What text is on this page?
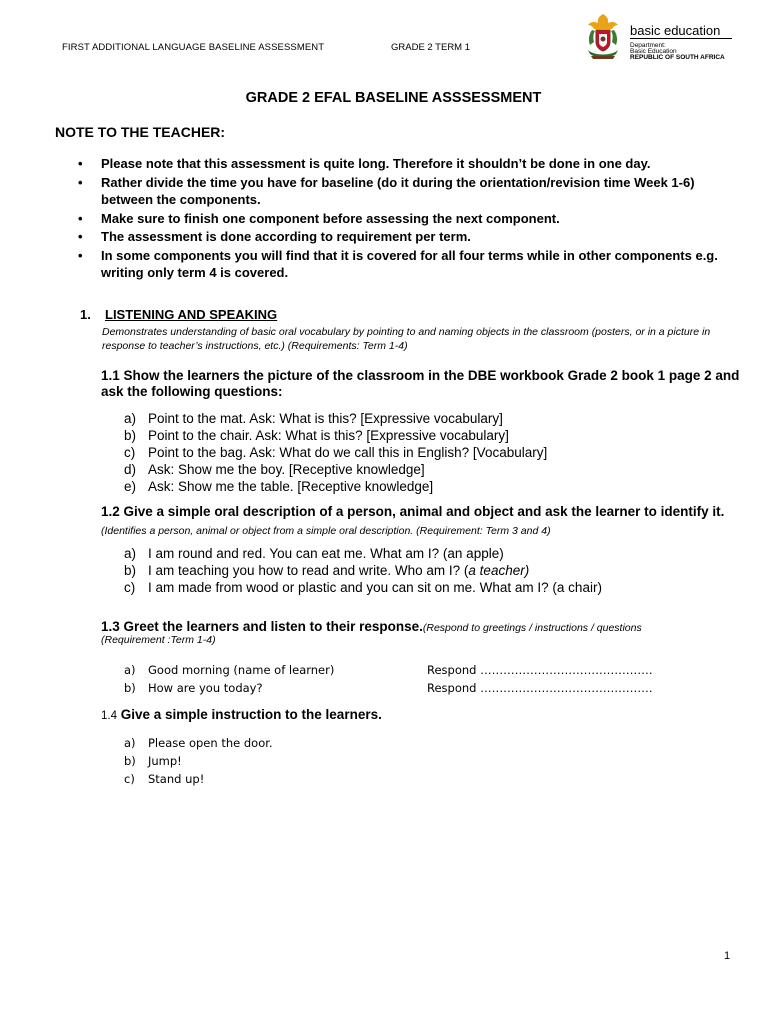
FIRST ADDITIONAL LANGUAGE BASELINE ASSESSMENT	GRADE 2 TERM 1
basic education
Department:
Basic Education
REPUBLIC OF SOUTH AFRICA
GRADE 2 EFAL BASELINE ASSSESSMENT
NOTE TO THE TEACHER:
•	Please note that this assessment is quite long. Therefore it shouldn’t be done in one day.
•	Rather divide the time you have for baseline (do it during the orientation/revision time Week 1-6) between the components.
•	Make sure to finish one component before assessing the next component.
•	The assessment is done according to requirement per term.
•	In some components you will find that it is covered for all four terms while in other components e.g. writing only term 4 is covered.
1. LISTENING AND SPEAKING
Demonstrates understanding of basic oral vocabulary by pointing to and naming objects in the classroom (posters, or in a picture in response to teacher’s instructions, etc.) (Requirements: Term 1-4)
1.1 Show the learners the picture of the classroom in the DBE workbook Grade 2 book 1 page 2 and ask the following questions:
a) Point to the mat. Ask: What is this? [Expressive vocabulary]
b) Point to the chair. Ask: What is this? [Expressive vocabulary]
c) Point to the bag. Ask: What do we call this in English? [Vocabulary]
d) Ask: Show me the boy. [Receptive knowledge]
e) Ask: Show me the table. [Receptive knowledge]
1.2 Give a simple oral description of a person, animal and object and ask the learner to identify it. (Identifies a person, animal or object from a simple oral description. (Requirement: Term 3 and 4)
a) I am round and red. You can eat me. What am I? (an apple)
b) I am teaching you how to read and write. Who am I? (a teacher)
c) I am made from wood or plastic and you can sit on me. What am I? (a chair)
1.3 Greet the learners and listen to their response.(Respond to greetings / instructions / questions
(Requirement :Term 1-4)
a)	Good morning (name of learner)	Respond ………………………………………
b)	How are you today?	Respond ………………………………………
1.4 Give a simple instruction to the learners.
a)	Please open the door.
b)	Jump!
c)	Stand up!
1
